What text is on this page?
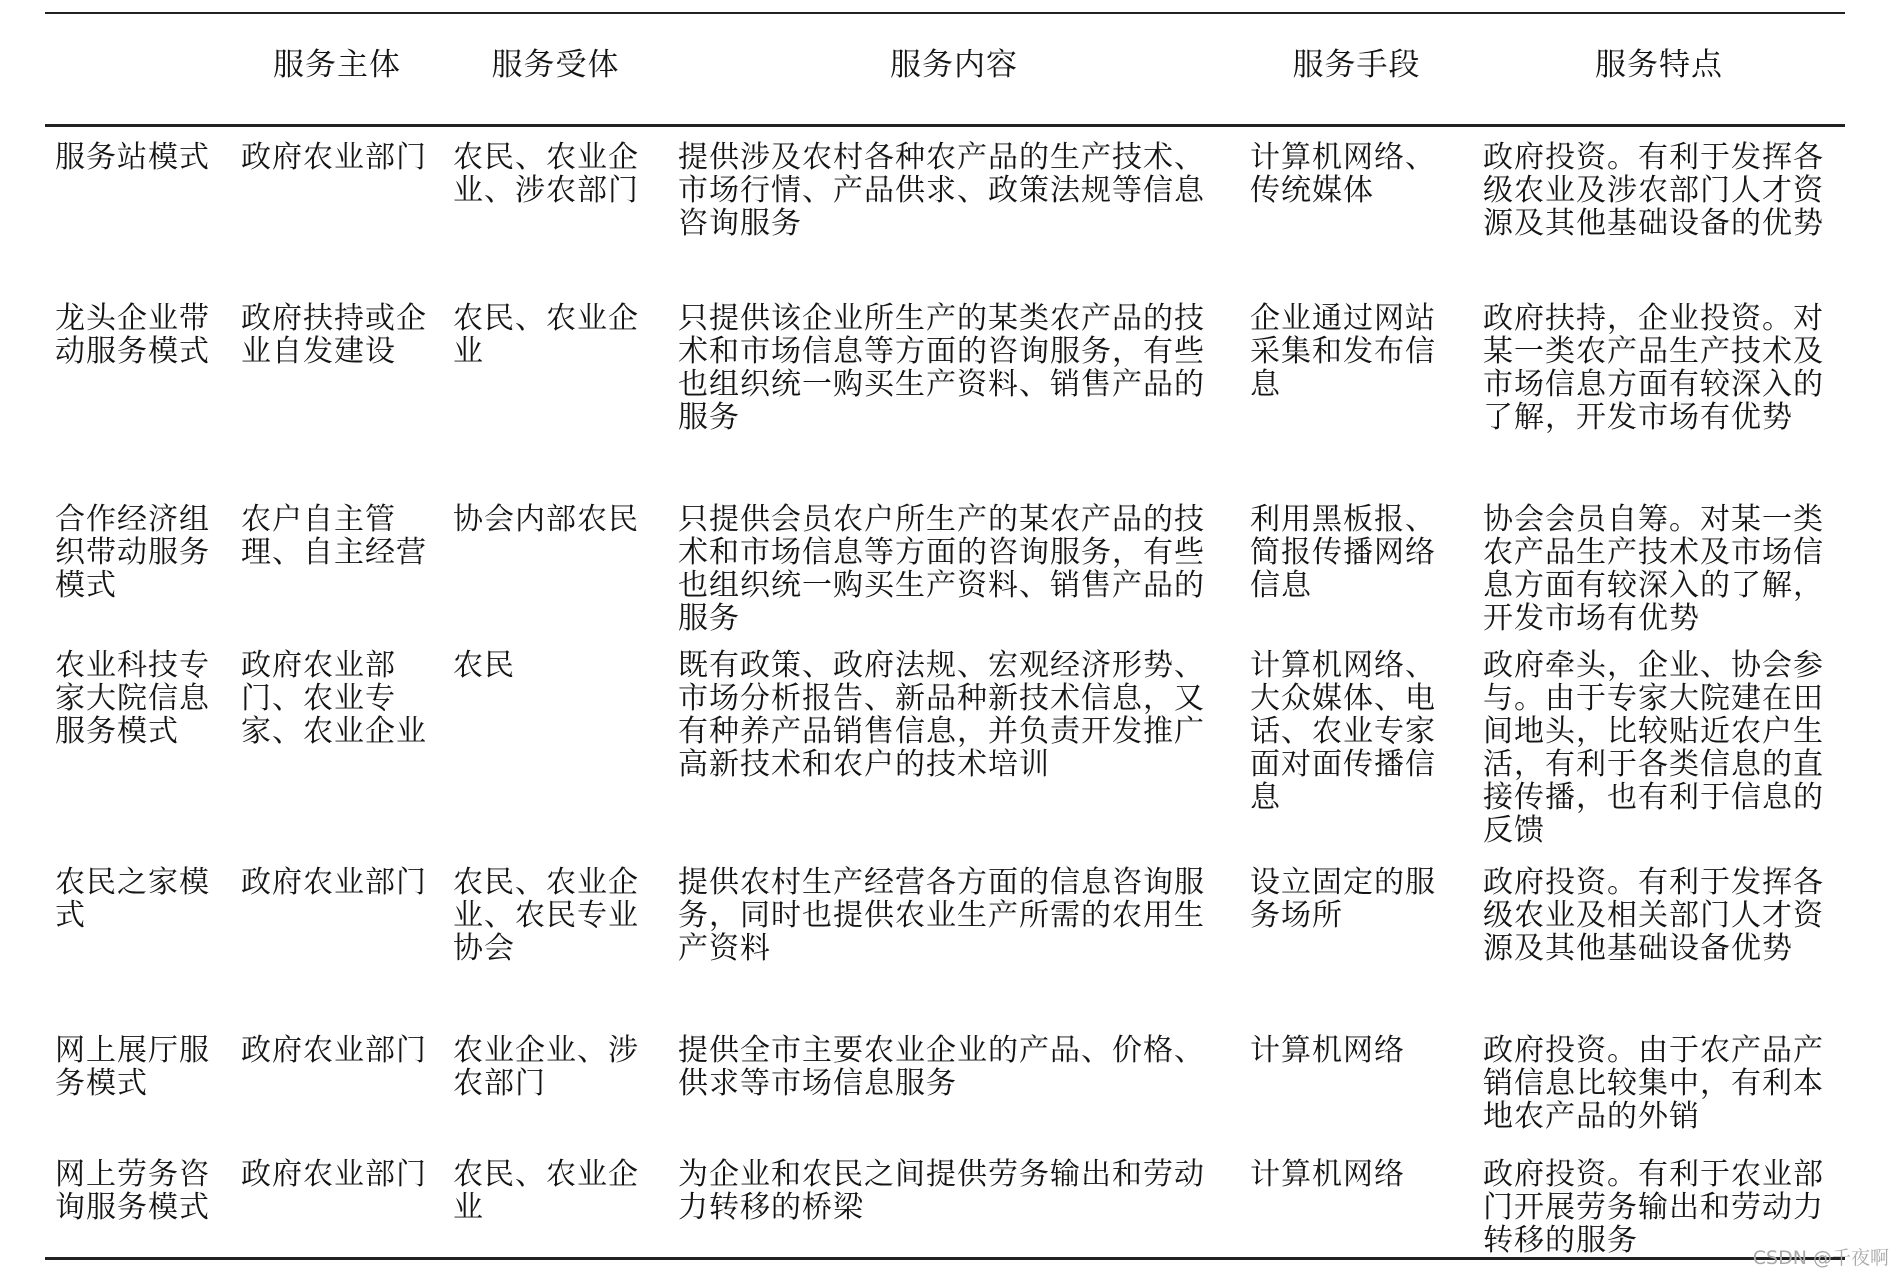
	服务主体	服务受体	服务内容	服务手段	服务特点
服务站模式	政府农业部门	农民、农业企业、涉农部门	提供涉及农村各种农产品的生产技术、市场行情、产品供求、政策法规等信息咨询服务	计算机网络、传统媒体	政府投资。有利于发挥各级农业及涉农部门人才资源及其他基础设备的优势
龙头企业带动服务模式	政府扶持或企业自发建设	农民、农业企业	只提供该企业所生产的某类农产品的技术和市场信息等方面的咨询服务，有些也组织统一购买生产资料、销售产品的服务	企业通过网站采集和发布信息	政府扶持，企业投资。对某一类农产品生产技术及市场信息方面有较深入的了解，开发市场有优势
合作经济组织带动服务模式	农户自主管理、自主经营	协会内部农民	只提供会员农户所生产的某农产品的技术和市场信息等方面的咨询服务，有些也组织统一购买生产资料、销售产品的服务	利用黑板报、简报传播网络信息	协会会员自筹。对某一类农产品生产技术及市场信息方面有较深入的了解，开发市场有优势
农业科技专家大院信息服务模式	政府农业部门、农业专家、农业企业	农民	既有政策、政府法规、宏观经济形势、市场分析报告、新品种新技术信息，又有种养产品销售信息，并负责开发推广高新技术和农户的技术培训	计算机网络、大众媒体、电话、农业专家面对面传播信息	政府牵头，企业、协会参与。由于专家大院建在田间地头，比较贴近农户生活，有利于各类信息的直接传播，也有利于信息的反馈
农民之家模式	政府农业部门	农民、农业企业、农民专业协会	提供农村生产经营各方面的信息咨询服务，同时也提供农业生产所需的农用生产资料	设立固定的服务场所	政府投资。有利于发挥各级农业及相关部门人才资源及其他基础设备优势
网上展厅服务模式	政府农业部门	农业企业、涉农部门	提供全市主要农业企业的产品、价格、供求等市场信息服务	计算机网络	政府投资。由于农产品产销信息比较集中，有利本地农产品的外销
网上劳务咨询服务模式	政府农业部门	农民、农业企业	为企业和农民之间提供劳务输出和劳动力转移的桥梁	计算机网络	政府投资。有利于农业部门开展劳务输出和劳动力转移的服务	CSDN @千夜啊
